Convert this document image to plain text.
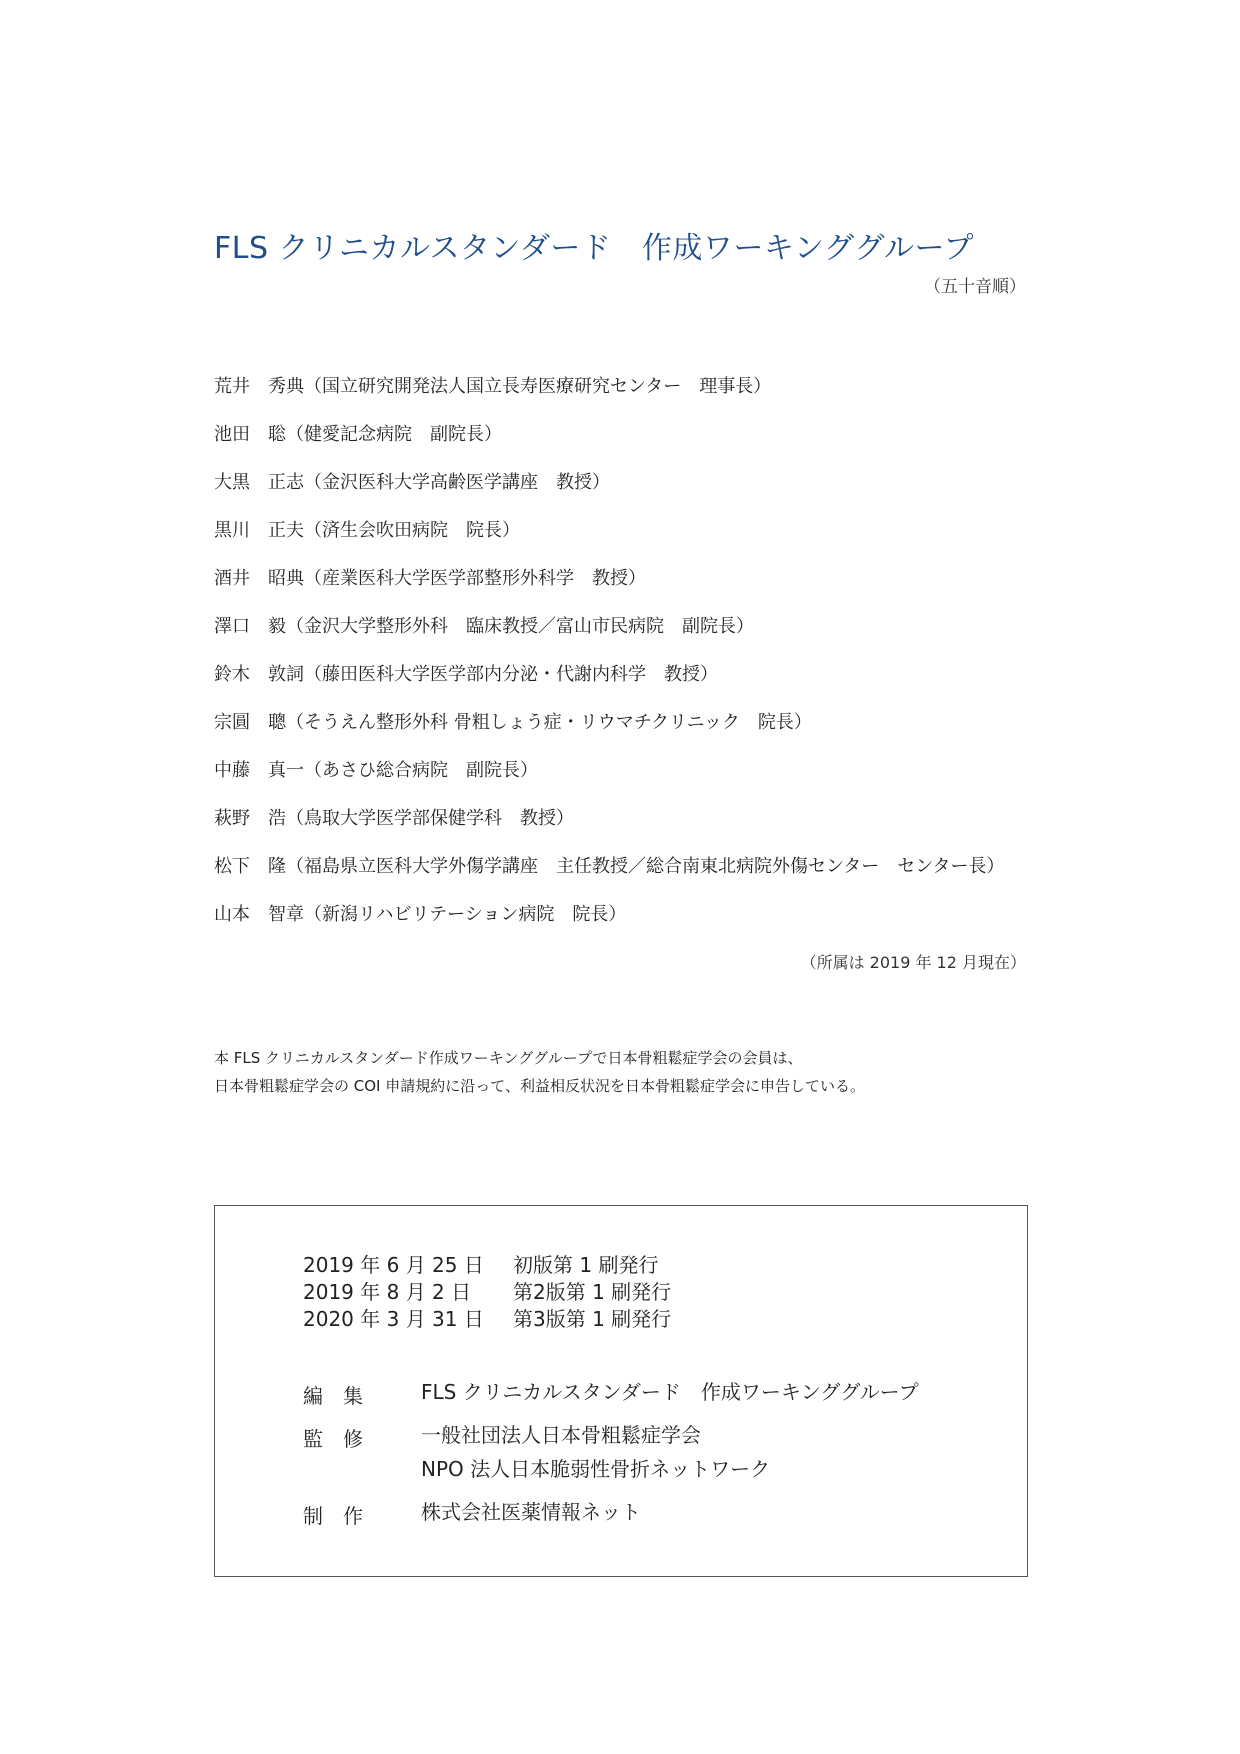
FLS クリニカルスタンダード　作成ワーキンググループ
（五十音順）
荒井　秀典（国立研究開発法人国立長寿医療研究センター　理事長）
池田　聡（健愛記念病院　副院長）
大黒　正志（金沢医科大学高齢医学講座　教授）
黒川　正夫（済生会吹田病院　院長）
酒井　昭典（産業医科大学医学部整形外科学　教授）
澤口　毅（金沢大学整形外科　臨床教授／富山市民病院　副院長）
鈴木　敦詞（藤田医科大学医学部内分泌・代謝内科学　教授）
宗圓　聰（そうえん整形外科 骨粗しょう症・リウマチクリニック　院長）
中藤　真一（あさひ総合病院　副院長）
萩野　浩（鳥取大学医学部保健学科　教授）
松下　隆（福島県立医科大学外傷学講座　主任教授／総合南東北病院外傷センター　センター長）
山本　智章（新潟リハビリテーション病院　院長）
（所属は 2019 年 12 月現在）
本 FLS クリニカルスタンダード作成ワーキンググループで日本骨粗鬆症学会の会員は、
日本骨粗鬆症学会の COI 申請規約に沿って、利益相反状況を日本骨粗鬆症学会に申告している。
2019 年 6 月 25 日	初版第 1 刷発行
2019 年 8 月 2 日	第2版第 1 刷発行
2020 年 3 月 31 日	第3版第 1 刷発行
編　集	FLS クリニカルスタンダード　作成ワーキンググループ
監　修	一般社団法人日本骨粗鬆症学会
NPO 法人日本脆弱性骨折ネットワーク
制　作	株式会社医薬情報ネット
